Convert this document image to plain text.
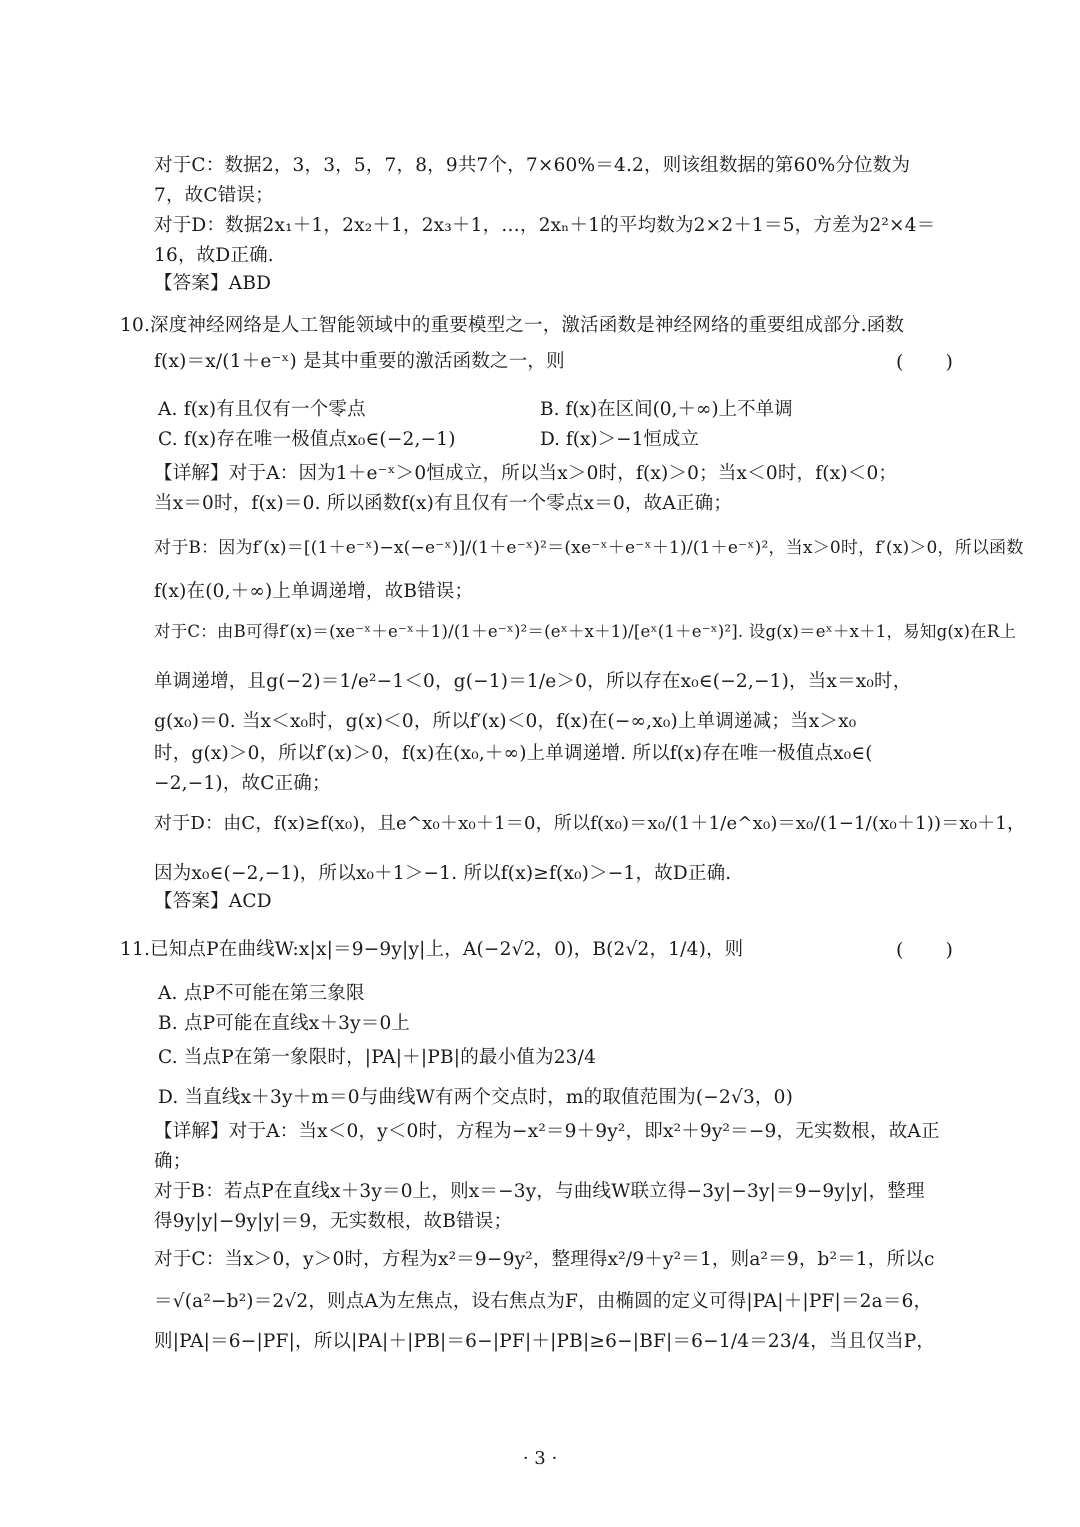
对于C：数据2，3，3，5，7，8，9共7个，7×60%＝4.2，则该组数据的第60%分位数为
7，故C错误；
对于D：数据2x₁＋1，2x₂＋1，2x₃＋1，…，2xₙ＋1的平均数为2×2＋1＝5，方差为2²×4＝
16，故D正确.
【答案】ABD
10.深度神经网络是人工智能领域中的重要模型之一，激活函数是神经网络的重要组成部分.函数
f(x)＝x/(1＋e⁻ˣ) 是其中重要的激活函数之一，则	( )
A. f(x)有且仅有一个零点	B. f(x)在区间(0,＋∞)上不单调
C. f(x)存在唯一极值点x₀∈(−2,−1)	D. f(x)＞−1恒成立
【详解】对于A：因为1＋e⁻ˣ＞0恒成立，所以当x＞0时，f(x)＞0；当x＜0时，f(x)＜0；
当x＝0时，f(x)＝0. 所以函数f(x)有且仅有一个零点x＝0，故A正确；
对于B：因为f′(x)＝[(1＋e⁻ˣ)−x(−e⁻ˣ)]/(1＋e⁻ˣ)²＝(xe⁻ˣ＋e⁻ˣ＋1)/(1＋e⁻ˣ)²，当x＞0时，f′(x)＞0，所以函数
f(x)在(0,＋∞)上单调递增，故B错误；
对于C：由B可得f′(x)＝(xe⁻ˣ＋e⁻ˣ＋1)/(1＋e⁻ˣ)²＝(eˣ＋x＋1)/[eˣ(1＋e⁻ˣ)²]. 设g(x)＝eˣ＋x＋1，易知g(x)在R上
单调递增，且g(−2)＝1/e²−1＜0，g(−1)＝1/e＞0，所以存在x₀∈(−2,−1)，当x＝x₀时，
g(x₀)＝0. 当x＜x₀时，g(x)＜0，所以f′(x)＜0，f(x)在(−∞,x₀)上单调递减；当x＞x₀
时，g(x)＞0，所以f′(x)＞0，f(x)在(x₀,＋∞)上单调递增. 所以f(x)存在唯一极值点x₀∈(
−2,−1)，故C正确；
对于D：由C，f(x)≥f(x₀)，且e^x₀＋x₀＋1＝0，所以f(x₀)＝x₀/(1＋1/e^x₀)＝x₀/(1−1/(x₀＋1))＝x₀＋1，
因为x₀∈(−2,−1)，所以x₀＋1＞−1. 所以f(x)≥f(x₀)＞−1，故D正确.
【答案】ACD
11.已知点P在曲线W:x|x|＝9−9y|y|上，A(−2√2，0)，B(2√2，1/4)，则	( )
A. 点P不可能在第三象限
B. 点P可能在直线x＋3y＝0上
C. 当点P在第一象限时，|PA|＋|PB|的最小值为23/4
D. 当直线x＋3y＋m＝0与曲线W有两个交点时，m的取值范围为(−2√3，0)
【详解】对于A：当x＜0，y＜0时，方程为−x²＝9＋9y²，即x²＋9y²＝−9，无实数根，故A正
确；
对于B：若点P在直线x＋3y＝0上，则x＝−3y，与曲线W联立得−3y|−3y|＝9−9y|y|，整理
得9y|y|−9y|y|＝9，无实数根，故B错误；
对于C：当x＞0，y＞0时，方程为x²＝9−9y²，整理得x²/9＋y²＝1，则a²＝9，b²＝1，所以c
＝√(a²−b²)＝2√2，则点A为左焦点，设右焦点为F，由椭圆的定义可得|PA|＋|PF|＝2a＝6，
则|PA|＝6−|PF|，所以|PA|＋|PB|＝6−|PF|＋|PB|≥6−|BF|＝6−1/4＝23/4，当且仅当P，
· 3 ·
